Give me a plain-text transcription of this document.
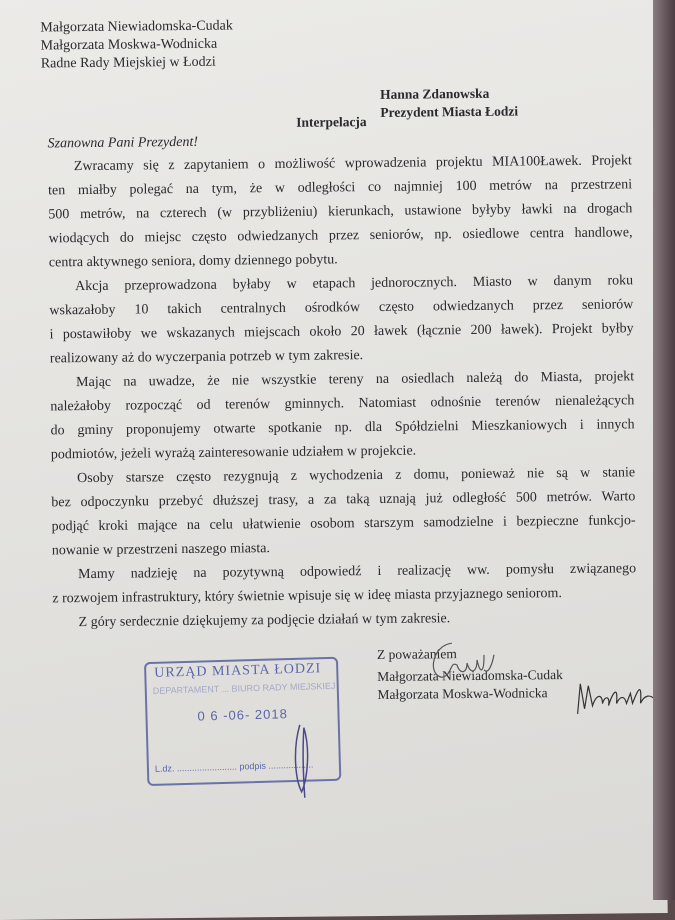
Małgorzata Niewiadomska-Cudak
Małgorzata Moskwa-Wodnicka
Radne Rady Miejskiej w Łodzi
Hanna Zdanowska
Prezydent Miasta Łodzi
Interpelacja
Szanowna Pani Prezydent!
Zwracamy się z zapytaniem o możliwość wprowadzenia projektu MIA100Ławek. Projekt
ten miałby polegać na tym, że w odległości co najmniej 100 metrów na przestrzeni
500 metrów, na czterech (w przybliżeniu) kierunkach, ustawione byłyby ławki na drogach
wiodących do miejsc często odwiedzanych przez seniorów, np. osiedlowe centra handlowe,
centra aktywnego seniora, domy dziennego pobytu.
Akcja przeprowadzona byłaby w etapach jednorocznych. Miasto w danym roku
wskazałoby 10 takich centralnych ośrodków często odwiedzanych przez seniorów
i postawiłoby we wskazanych miejscach około 20 ławek (łącznie 200 ławek). Projekt byłby
realizowany aż do wyczerpania potrzeb w tym zakresie.
Mając na uwadze, że nie wszystkie tereny na osiedlach należą do Miasta, projekt
należałoby rozpocząć od terenów gminnych. Natomiast odnośnie terenów nienależących
do gminy proponujemy otwarte spotkanie np. dla Spółdzielni Mieszkaniowych i innych
podmiotów, jeżeli wyrażą zainteresowanie udziałem w projekcie.
Osoby starsze często rezygnują z wychodzenia z domu, ponieważ nie są w stanie
bez odpoczynku przebyć dłuższej trasy, a za taką uznają już odległość 500 metrów. Warto
podjąć kroki mające na celu ułatwienie osobom starszym samodzielne i bezpieczne funkcjo-
nowanie w przestrzeni naszego miasta.
Mamy nadzieję na pozytywną odpowiedź i realizację ww. pomysłu związanego
z rozwojem infrastruktury, który świetnie wpisuje się w ideę miasta przyjaznego seniorom.
Z góry serdecznie dziękujemy za podjęcie działań w tym zakresie.
URZĄD MIASTA ŁODZI
DEPARTAMENT ... BIURO RADY MIEJSKIEJ
0 6 -06- 2018
L.dz. ........................ podpis ..................
Z poważaniem
Małgorzata Niewiadomska-Cudak
Małgorzata Moskwa-Wodnicka
